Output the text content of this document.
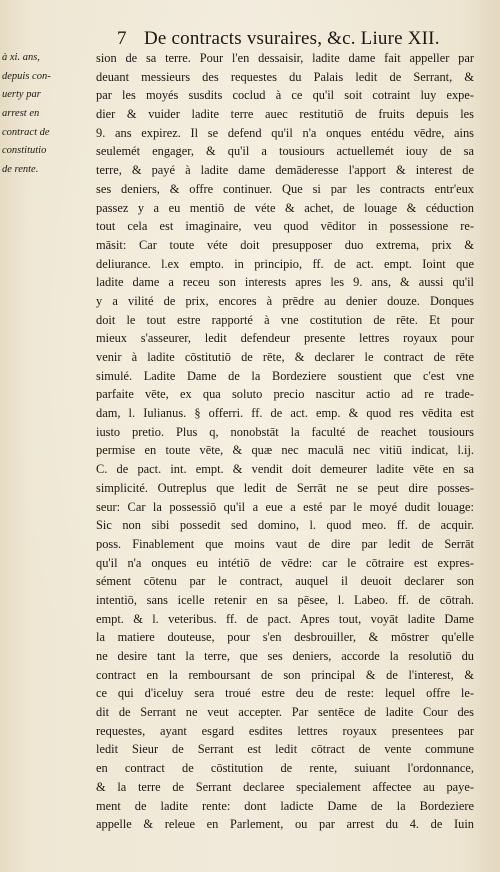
7 De contracts vsuraires, &c. Liure XII.
à xi. ans,
depuis con-
uerty par
arrest en
contract de
constitutio
de rente.
sion de sa terre. Pour l'en dessaisir, ladite dame fait appeller par
deuant messieurs des requestes du Palais ledit de Serrant, &
par les moyés susdits coclud à ce qu'il soit cotraint luy expe-
dier & vuider ladite terre auec restitutiō de fruits depuis les
9. ans expirez. Il se defend qu'il n'a onques entédu vēdre, ains
seulemét engager, & qu'il a tousiours actuellemét iouy de sa
terre, & payé à ladite dame demāderesse l'apport & interest de
ses deniers, & offre continuer. Que si par les contracts entr'eux
passez y a eu mentiō de véte & achet, de louage & céduction
tout cela est imaginaire, veu quod vēditor in possessione re-
māsit: Car toute véte doit presupposer duo extrema, prix &
deliurance. l.ex empto. in principio, ff. de act. empt. Ioint que
ladite dame a receu son interests apres les 9. ans, & aussi qu'il
y a vilité de prix, encores à prēdre au denier douze. Donques
doit le tout estre rapporté à vne costitution de rēte. Et pour
mieux s'asseurer, ledit defendeur presente lettres royaux pour
venir à ladite cōstitutiō de rēte, & declarer le contract de rēte
simulé. Ladite Dame de la Bordeziere soustient que c'est vne
parfaite vēte, ex qua soluto precio nascitur actio ad re trade-
dam, l. Iulianus. § offerri. ff. de act. emp. & quod res vēdita est
iusto pretio. Plus q, nonobstāt la faculté de reachet tousiours
permise en toute vēte, & quæ nec maculā nec vitiū indicat, l.ij.
C. de pact. int. empt. & vendit doit demeurer ladite vēte en sa
simplicité. Outreplus que ledit de Serrāt ne se peut dire posses-
seur: Car la possessiō qu'il a eue a esté par le moyé dudit louage:
Sic non sibi possedit sed domino, l. quod meo. ff. de acquir.
poss. Finablement que moins vaut de dire par ledit de Serrāt
qu'il n'a onques eu intétiō de vēdre: car le cōtraire est expres-
sément cōtenu par le contract, auquel il deuoit declarer son
intentiō, sans icelle retenir en sa pēsee, l. Labeo. ff. de cōtrah.
empt. & l. veteribus. ff. de pact. Apres tout, voyāt ladite Dame
la matiere douteuse, pour s'en desbrouiller, & mōstrer qu'elle
ne desire tant la terre, que ses deniers, accorde la resolutiō du
contract en la remboursant de son principal & de l'interest, &
ce qui d'iceluy sera troué estre deu de reste: lequel offre le-
dit de Serrant ne veut accepter. Par sentēce de ladite Cour des
requestes, ayant esgard esdites lettres royaux presentees par
ledit Sieur de Serrant est ledit cōtract de vente commune
en contract de cōstitution de rente, suiuant l'ordonnance,
& la terre de Serrant declaree specialement affectee au paye-
ment de ladite rente: dont ladicte Dame de la Bordeziere
appelle & releue en Parlement, ou par arrest du 4. de Iuin
